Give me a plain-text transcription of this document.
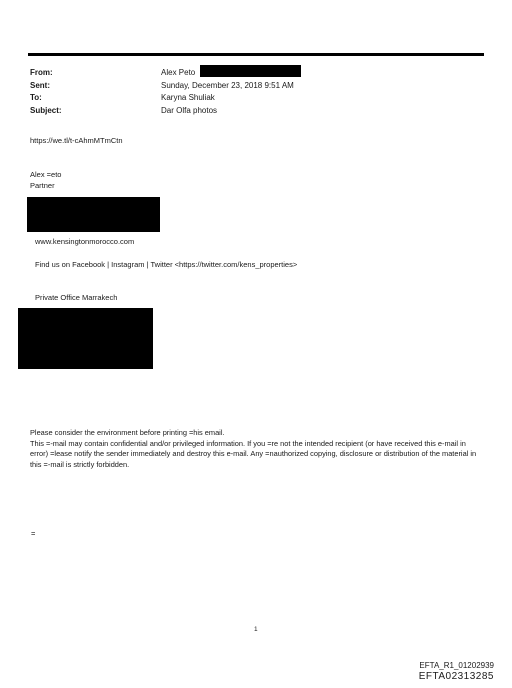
From:	Alex Peto
Sent:	Sunday, December 23, 2018 9:51 AM
To:	Karyna Shuliak
Subject:	Dar Olfa photos
https://we.tl/t-cAhmMTmCtn
Alex =eto
Partner
www.kensingtonmorocco.com
Find us on Facebook | Instagram | Twitter <https://twitter.com/kens_properties>
Private Office Marrakech

Please consider the environment before printing =his email.

This =-mail may contain confidential and/or privileged information. If you =re not the intended recipient (or have received this e-mail in error) =lease notify the sender immediately and destroy this e-mail. Any =nauthorized copying, disclosure or distribution of the material in this =-mail is strictly forbidden.

=
1
EFTA_R1_01202939
EFTA02313285
